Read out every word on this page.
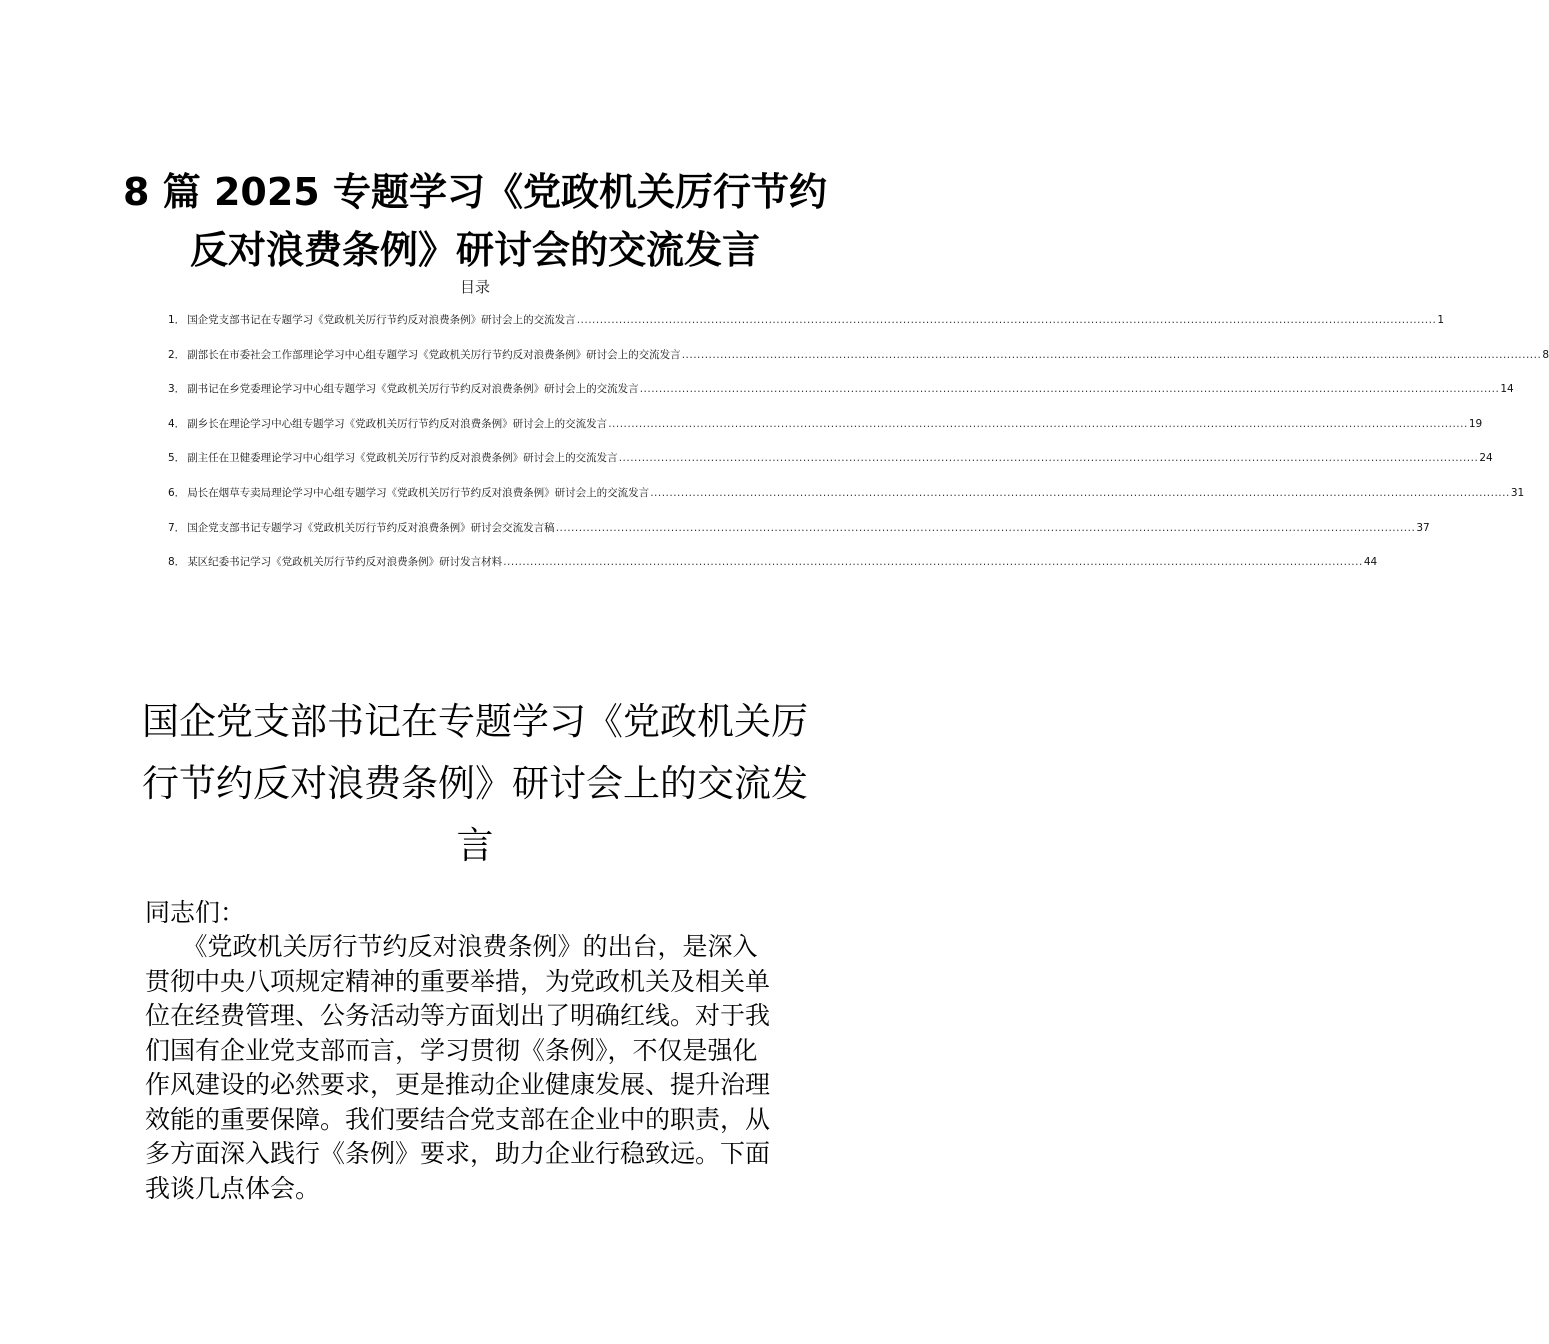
8 篇 2025 专题学习《党政机关厉行节约
反对浪费条例》研讨会的交流发言
目录
1． 国企党支部书记在专题学习《党政机关厉行节约反对浪费条例》研讨会上的交流发言 .....	1
2． 副部长在市委社会工作部理论学习中心组专题学习《党政机关厉行节约反对浪费条例》研讨会上的交流发言 .....	8
3． 副书记在乡党委理论学习中心组专题学习《党政机关厉行节约反对浪费条例》研讨会上的交流发言 .....	14
4． 副乡长在理论学习中心组专题学习《党政机关厉行节约反对浪费条例》研讨会上的交流发言 .....	19
5． 副主任在卫健委理论学习中心组学习《党政机关厉行节约反对浪费条例》研讨会上的交流发言 .....	24
6． 局长在烟草专卖局理论学习中心组专题学习《党政机关厉行节约反对浪费条例》研讨会上的交流发言 .....	31
7． 国企党支部书记专题学习《党政机关厉行节约反对浪费条例》研讨会交流发言稿 .....	37
8． 某区纪委书记学习《党政机关厉行节约反对浪费条例》研讨发言材料 .....	44
国企党支部书记在专题学习《党政机关厉
行节约反对浪费条例》研讨会上的交流发
言
同志们：
　　《党政机关厉行节约反对浪费条例》的出台，是深入
贯彻中央八项规定精神的重要举措，为党政机关及相关单
位在经费管理、公务活动等方面划出了明确红线。对于我
们国有企业党支部而言，学习贯彻《条例》，不仅是强化
作风建设的必然要求，更是推动企业健康发展、提升治理
效能的重要保障。我们要结合党支部在企业中的职责，从
多方面深入践行《条例》要求，助力企业行稳致远。下面
我谈几点体会。
